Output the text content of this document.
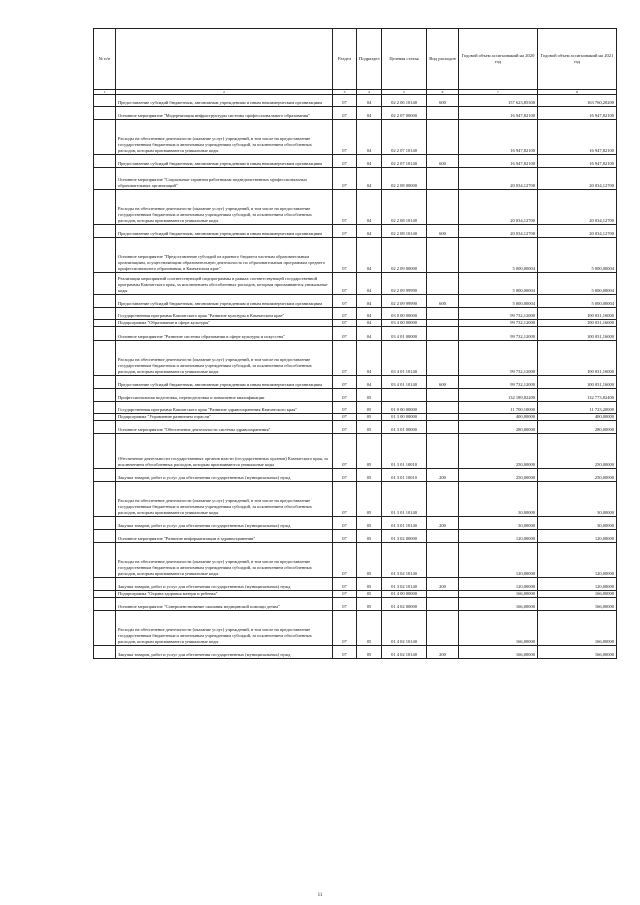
№ п/п		Раздел	Подраздел	Целевая статья	Вид расходов	Годовой объем ассигнований на 2020 год	Годовой объем ассигнований на 2021 год
1	2	3	4	5	6	7	8
	Предоставление субсидий бюджетным, автономным учреждениям и иным некоммерческим организациям	07	04	02 2 06 10140	600	157 623,85300	163 760,20200
	Основное мероприятие "Модернизация инфраструктуры системы профессионального образования"	07	04	02 2 07 00000		16 947,82100	16 947,82100
	Расходы на обеспечение деятельности (оказание услуг) учреждений, в том числе на предоставление государственным бюджетным и автономным учреждениям субсидий, за исключением обособленных расходов, которым присваиваются уникальные коды	07	04	02 2 07 10140		16 947,82100	16 947,82100
	Предоставление субсидий бюджетным, автономным учреждениям и иным некоммерческим организациям	07	04	02 2 07 10140	600	16 947,82100	16 947,82100
	Основное мероприятие "Социальные гарантии работникам подведомственных профессиональных образовательных организаций"	07	04	02 2 08 00000		20 034,12700	20 034,12700
	Расходы на обеспечение деятельности (оказание услуг) учреждений, в том числе на предоставление государственным бюджетным и автономным учреждениям субсидий, за исключением обособленных расходов, которым присваиваются уникальные коды	07	04	02 2 08 10140		20 034,12700	20 034,12700
	Предоставление субсидий бюджетным, автономным учреждениям и иным некоммерческим организациям	07	04	02 2 08 10140	600	20 034,12700	20 034,12700
	Основное мероприятие "Предоставление субсидий из краевого бюджета частным образовательным организациям, осуществляющим образовательную деятельность по образовательным программам среднего профессионального образования, в Камчатском крае"	07	04	02 2 09 00000		5 000,00004	5 000,00004
	Реализация мероприятий соответствующей подпрограммы в рамках соответствующей государственной программы Камчатского края, за исключением обособленных расходов, которым присваиваются уникальные коды	07	04	02 2 09 99990		5 000,00004	5 000,00004
	Предоставление субсидий бюджетным, автономным учреждениям и иным некоммерческим организациям	07	04	02 2 09 99990	600	5 000,00004	5 000,00004
	Государственная программа Камчатского края "Развитие культуры в Камчатском крае"	07	04	03 0 00 00000		99 732,12000	100 031,16000
	Подпрограмма "Образование в сфере культуры"	07	04	03 4 00 00000		99 732,12000	100 031,16000
	Основное мероприятие "Развитие системы образования в сфере культуры и искусства"	07	04	03 4 01 00000		99 732,12000	100 031,16000
	Расходы на обеспечение деятельности (оказание услуг) учреждений, в том числе на предоставление государственным бюджетным и автономным учреждениям субсидий, за исключением обособленных расходов, которым присваиваются уникальные коды	07	04	03 4 01 10140		99 732,12000	100 031,16000
	Предоставление субсидий бюджетным, автономным учреждениям и иным некоммерческим организациям	07	04	03 4 01 10140	600	99 732,12000	100 031,16000
	Профессиональная подготовка, переподготовка и повышение квалификации	07	05			132 189,82200	132 773,82400
	Государственная программа Камчатского края "Развитие здравоохранения Камчатского края"	07	05	01 0 00 00000		11 700,10000	11 723,20000
	Подпрограмма "Управление развитием отрасли"	07	05	01 3 00 00000		400,00000	400,00000
	Основное мероприятие "Обеспечение деятельности системы здравоохранения"	07	05	01 3 01 00000		280,00000	280,00000
	Обеспечение деятельности государственных органов власти (государственных органов) Камчатского края, за исключением обособленных расходов, которым присваиваются уникальные коды	07	05	01 3 01 10010		250,00000	250,00000
	Закупка товаров, работ и услуг для обеспечения государственных (муниципальных) нужд	07	05	01 3 01 10010	200	250,00000	250,00000
	Расходы на обеспечение деятельности (оказание услуг) учреждений, в том числе на предоставление государственным бюджетным и автономным учреждениям субсидий, за исключением обособленных расходов, которым присваиваются уникальные коды	07	05	01 3 01 10140		30,00000	30,00000
	Закупка товаров, работ и услуг для обеспечения государственных (муниципальных) нужд	07	05	01 3 01 10140	200	30,00000	30,00000
	Основное мероприятие "Развитие информатизации в здравоохранении"	07	05	01 3 02 00000		120,00000	120,00000
	Расходы на обеспечение деятельности (оказание услуг) учреждений, в том числе на предоставление государственным бюджетным и автономным учреждениям субсидий, за исключением обособленных расходов, которым присваиваются уникальные коды	07	05	01 3 02 10140		120,00000	120,00000
	Закупка товаров, работ и услуг для обеспечения государственных (муниципальных) нужд	07	05	01 3 02 10140	200	120,00000	120,00000
	Подпрограмма "Охрана здоровья матери и ребенка"	07	05	01 4 00 00000		166,00000	166,00000
	Основное мероприятие "Совершенствование оказания медицинской помощи детям"	07	05	01 4 02 00000		166,00000	166,00000
	Расходы на обеспечение деятельности (оказание услуг) учреждений, в том числе на предоставление государственным бюджетным и автономным учреждениям субсидий, за исключением обособленных расходов, которым присваиваются уникальные коды	07	05	01 4 02 10140		166,00000	166,00000
	Закупка товаров, работ и услуг для обеспечения государственных (муниципальных) нужд	07	05	01 4 02 10140	200	166,00000	166,00000
11
